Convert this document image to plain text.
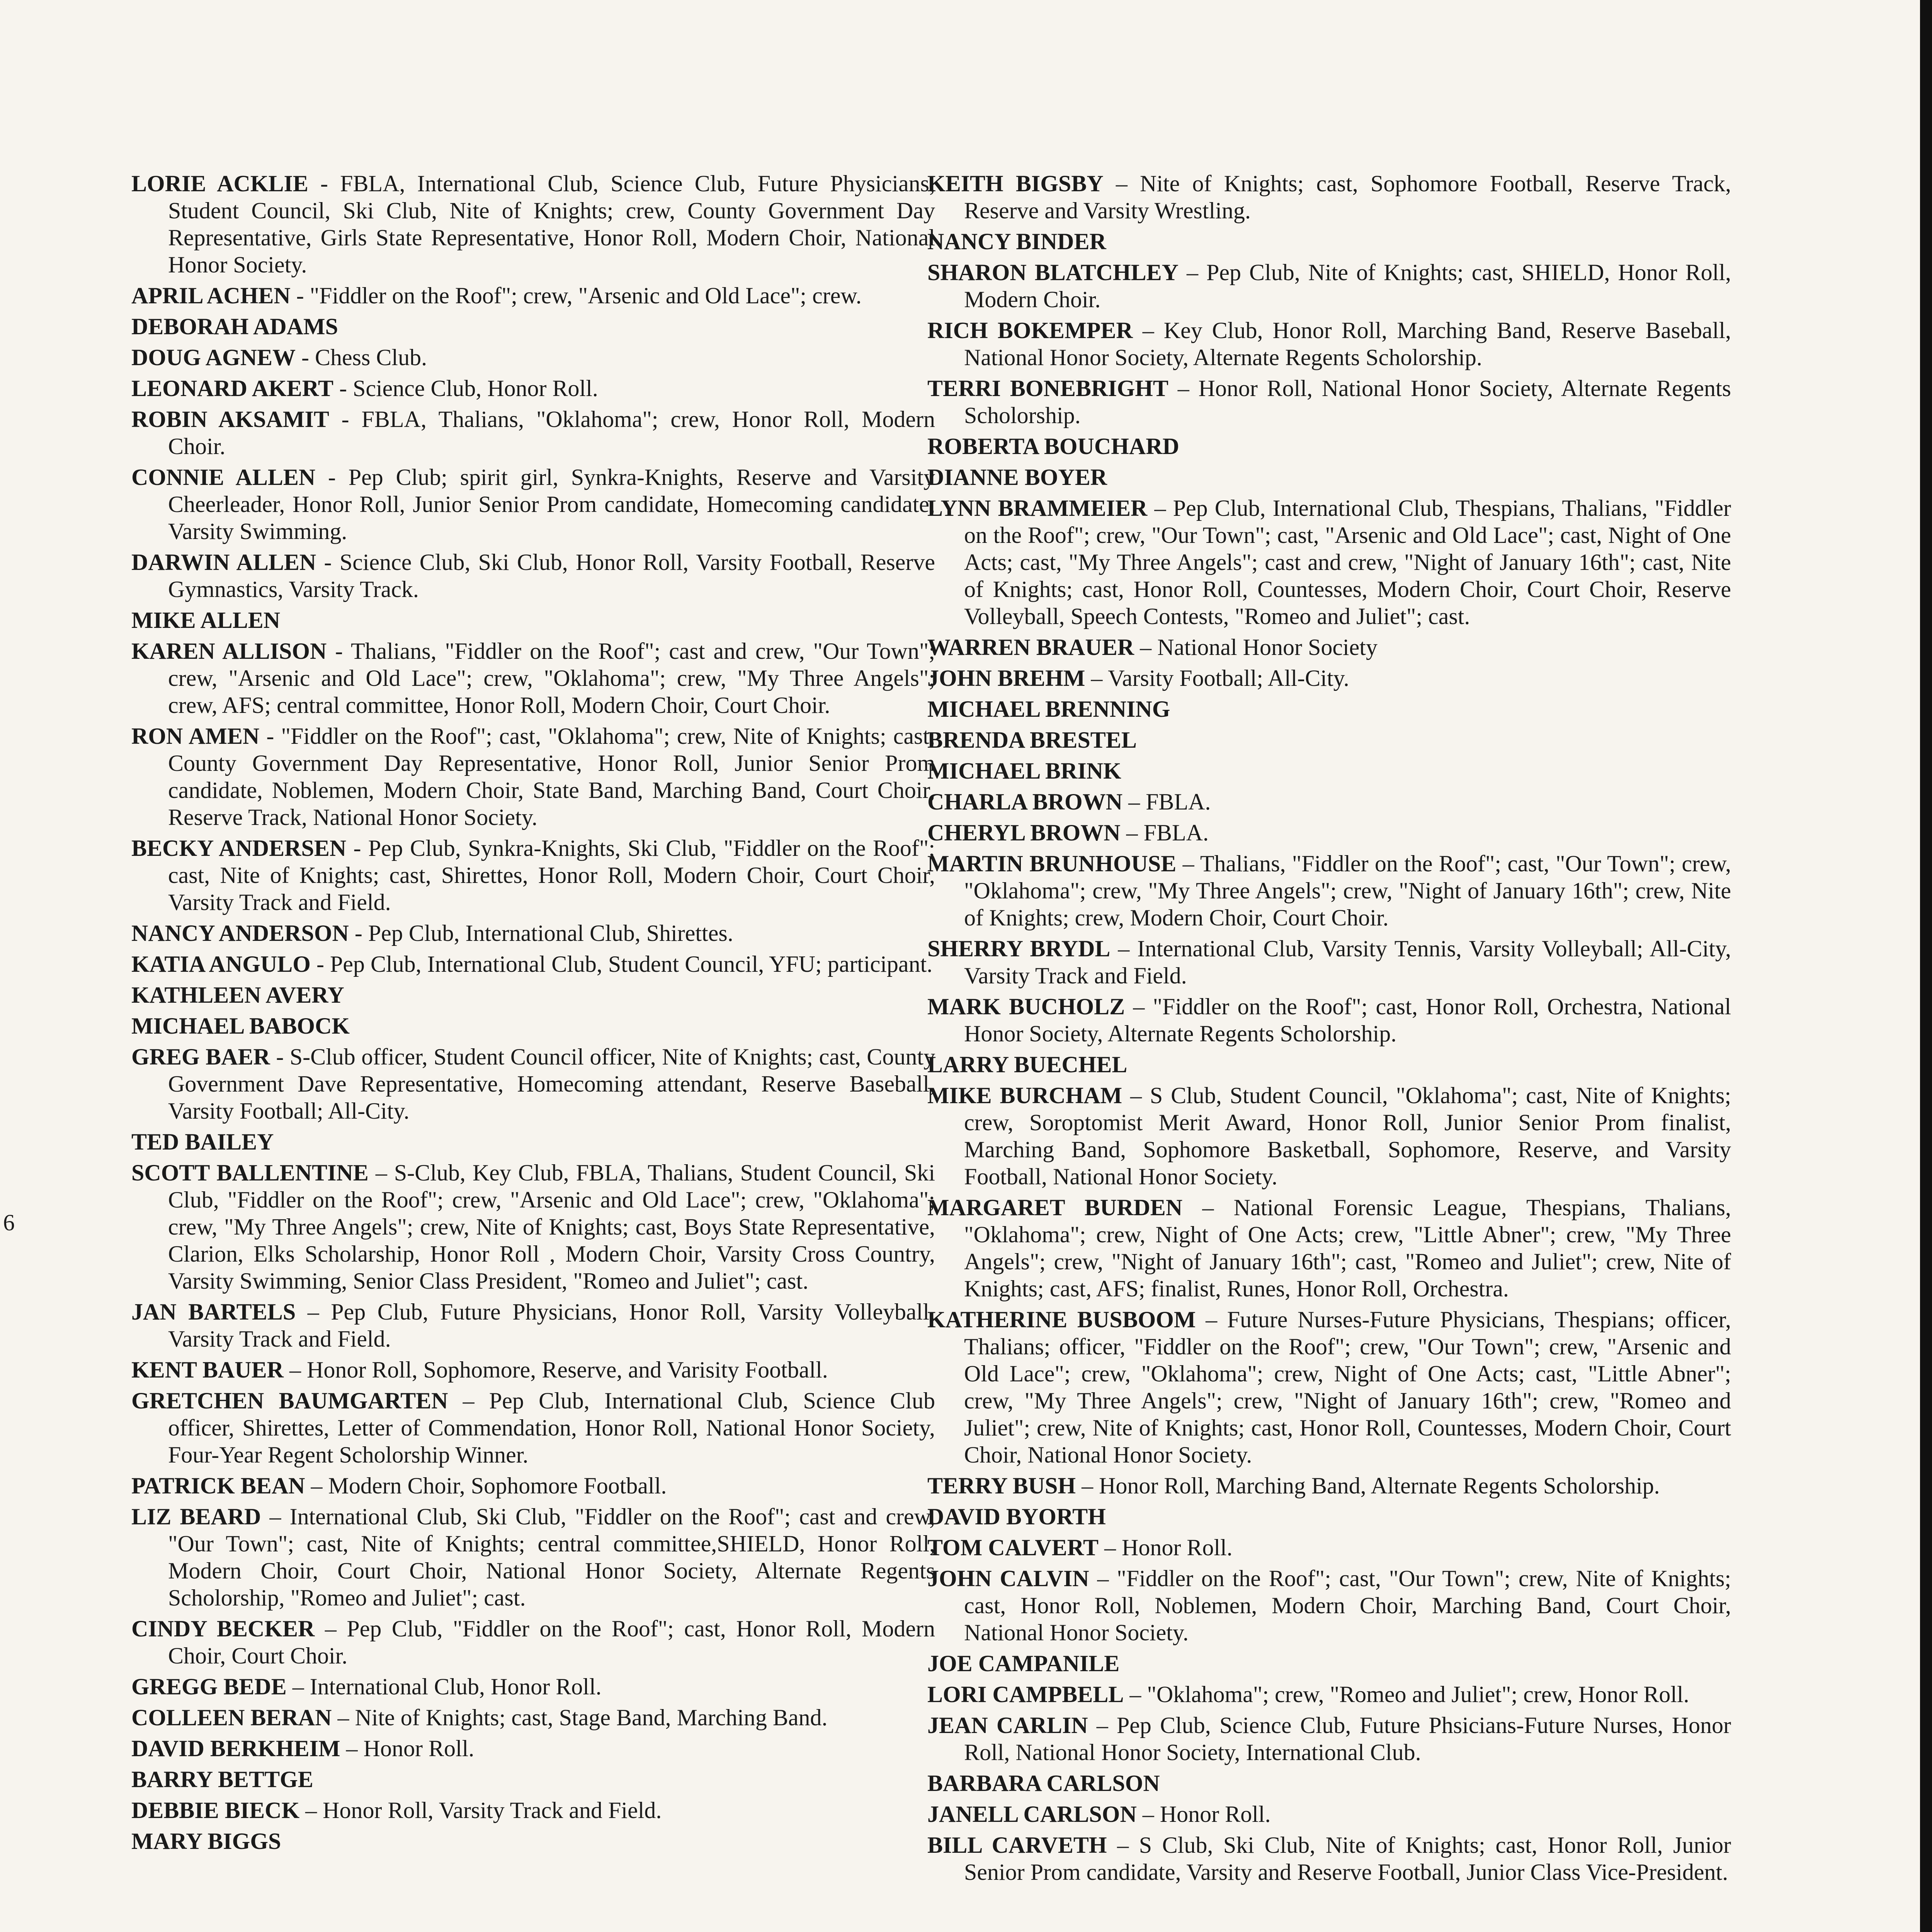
6

LORIE ACKLIE - FBLA, International Club, Science Club, Future Physicians, Student Council, Ski Club, Nite of Knights; crew, County Government Day Representative, Girls State Representative, Honor Roll, Modern Choir, National Honor Society.

APRIL ACHEN - "Fiddler on the Roof"; crew, "Arsenic and Old Lace"; crew.

DEBORAH ADAMS

DOUG AGNEW - Chess Club.

LEONARD AKERT - Science Club, Honor Roll.

ROBIN AKSAMIT - FBLA, Thalians, "Oklahoma"; crew, Honor Roll, Modern Choir.

CONNIE ALLEN - Pep Club; spirit girl, Synkra-Knights, Reserve and Varsity Cheerleader, Honor Roll, Junior Senior Prom candidate, Homecoming candidate, Varsity Swimming.

DARWIN ALLEN - Science Club, Ski Club, Honor Roll, Varsity Football, Reserve Gymnastics, Varsity Track.

MIKE ALLEN

KAREN ALLISON - Thalians, "Fiddler on the Roof"; cast and crew, "Our Town"; crew, "Arsenic and Old Lace"; crew, "Oklahoma"; crew, "My Three Angels"; crew, AFS; central committee, Honor Roll, Modern Choir, Court Choir.

RON AMEN - "Fiddler on the Roof"; cast, "Oklahoma"; crew, Nite of Knights; cast, County Government Day Representative, Honor Roll, Junior Senior Prom candidate, Noblemen, Modern Choir, State Band, Marching Band, Court Choir, Reserve Track, National Honor Society.

BECKY ANDERSEN - Pep Club, Synkra-Knights, Ski Club, "Fiddler on the Roof"; cast, Nite of Knights; cast, Shirettes, Honor Roll, Modern Choir, Court Choir, Varsity Track and Field.

NANCY ANDERSON - Pep Club, International Club, Shirettes.

KATIA ANGULO - Pep Club, International Club, Student Council, YFU; participant.

KATHLEEN AVERY

MICHAEL BABOCK

GREG BAER - S-Club officer, Student Council officer, Nite of Knights; cast, County Government Dave Representative, Homecoming attendant, Reserve Baseball, Varsity Football; All-City.

TED BAILEY

SCOTT BALLENTINE – S-Club, Key Club, FBLA, Thalians, Student Council, Ski Club, "Fiddler on the Roof"; crew, "Arsenic and Old Lace"; crew, "Oklahoma"; crew, "My Three Angels"; crew, Nite of Knights; cast, Boys State Representative, Clarion, Elks Scholarship, Honor Roll , Modern Choir, Varsity Cross Country, Varsity Swimming, Senior Class President, "Romeo and Juliet"; cast.

JAN BARTELS – Pep Club, Future Physicians, Honor Roll, Varsity Volleyball, Varsity Track and Field.

KENT BAUER – Honor Roll, Sophomore, Reserve, and Varisity Football.

GRETCHEN BAUMGARTEN – Pep Club, International Club, Science Club officer, Shirettes, Letter of Commendation, Honor Roll, National Honor Society, Four-Year Regent Scholorship Winner.

PATRICK BEAN – Modern Choir, Sophomore Football.

LIZ BEARD – International Club, Ski Club, "Fiddler on the Roof"; cast and crew, "Our Town"; cast, Nite of Knights; central committee,SHIELD, Honor Roll, Modern Choir, Court Choir, National Honor Society, Alternate Regents Scholorship, "Romeo and Juliet"; cast.

CINDY BECKER – Pep Club, "Fiddler on the Roof"; cast, Honor Roll, Modern Choir, Court Choir.

GREGG BEDE – International Club, Honor Roll.

COLLEEN BERAN – Nite of Knights; cast, Stage Band, Marching Band.

DAVID BERKHEIM – Honor Roll.

BARRY BETTGE

DEBBIE BIECK – Honor Roll, Varsity Track and Field.

MARY BIGGS

KEITH BIGSBY – Nite of Knights; cast, Sophomore Football, Reserve Track, Reserve and Varsity Wrestling.

NANCY BINDER

SHARON BLATCHLEY – Pep Club, Nite of Knights; cast, SHIELD, Honor Roll, Modern Choir.

RICH BOKEMPER – Key Club, Honor Roll, Marching Band, Reserve Baseball, National Honor Society, Alternate Regents Scholorship.

TERRI BONEBRIGHT – Honor Roll, National Honor Society, Alternate Regents Scholorship.

ROBERTA BOUCHARD

DIANNE BOYER

LYNN BRAMMEIER – Pep Club, International Club, Thespians, Thalians, "Fiddler on the Roof"; crew, "Our Town"; cast, "Arsenic and Old Lace"; cast, Night of One Acts; cast, "My Three Angels"; cast and crew, "Night of January 16th"; cast, Nite of Knights; cast, Honor Roll, Countesses, Modern Choir, Court Choir, Reserve Volleyball, Speech Contests, "Romeo and Juliet"; cast.

WARREN BRAUER – National Honor Society

JOHN BREHM – Varsity Football; All-City.

MICHAEL BRENNING

BRENDA BRESTEL

MICHAEL BRINK

CHARLA BROWN – FBLA.

CHERYL BROWN – FBLA.

MARTIN BRUNHOUSE – Thalians, "Fiddler on the Roof"; cast, "Our Town"; crew, "Oklahoma"; crew, "My Three Angels"; crew, "Night of January 16th"; crew, Nite of Knights; crew, Modern Choir, Court Choir.

SHERRY BRYDL – International Club, Varsity Tennis, Varsity Volleyball; All-City, Varsity Track and Field.

MARK BUCHOLZ – "Fiddler on the Roof"; cast, Honor Roll, Orchestra, National Honor Society, Alternate Regents Scholorship.

LARRY BUECHEL

MIKE BURCHAM – S Club, Student Council, "Oklahoma"; cast, Nite of Knights; crew, Soroptomist Merit Award, Honor Roll, Junior Senior Prom finalist, Marching Band, Sophomore Basketball, Sophomore, Reserve, and Varsity Football, National Honor Society.

MARGARET BURDEN – National Forensic League, Thespians, Thalians, "Oklahoma"; crew, Night of One Acts; crew, "Little Abner"; crew, "My Three Angels"; crew, "Night of January 16th"; cast, "Romeo and Juliet"; crew, Nite of Knights; cast, AFS; finalist, Runes, Honor Roll, Orchestra.

KATHERINE BUSBOOM – Future Nurses-Future Physicians, Thespians; officer, Thalians; officer, "Fiddler on the Roof"; crew, "Our Town"; crew, "Arsenic and Old Lace"; crew, "Oklahoma"; crew, Night of One Acts; cast, "Little Abner"; crew, "My Three Angels"; crew, "Night of January 16th"; crew, "Romeo and Juliet"; crew, Nite of Knights; cast, Honor Roll, Countesses, Modern Choir, Court Choir, National Honor Society.

TERRY BUSH – Honor Roll, Marching Band, Alternate Regents Scholorship.

DAVID BYORTH

TOM CALVERT – Honor Roll.

JOHN CALVIN – "Fiddler on the Roof"; cast, "Our Town"; crew, Nite of Knights; cast, Honor Roll, Noblemen, Modern Choir, Marching Band, Court Choir, National Honor Society.

JOE CAMPANILE

LORI CAMPBELL – "Oklahoma"; crew, "Romeo and Juliet"; crew, Honor Roll.

JEAN CARLIN – Pep Club, Science Club, Future Phsicians-Future Nurses, Honor Roll, National Honor Society, International Club.

BARBARA CARLSON

JANELL CARLSON – Honor Roll.

BILL CARVETH – S Club, Ski Club, Nite of Knights; cast, Honor Roll, Junior Senior Prom candidate, Varsity and Reserve Football, Junior Class Vice-President.
